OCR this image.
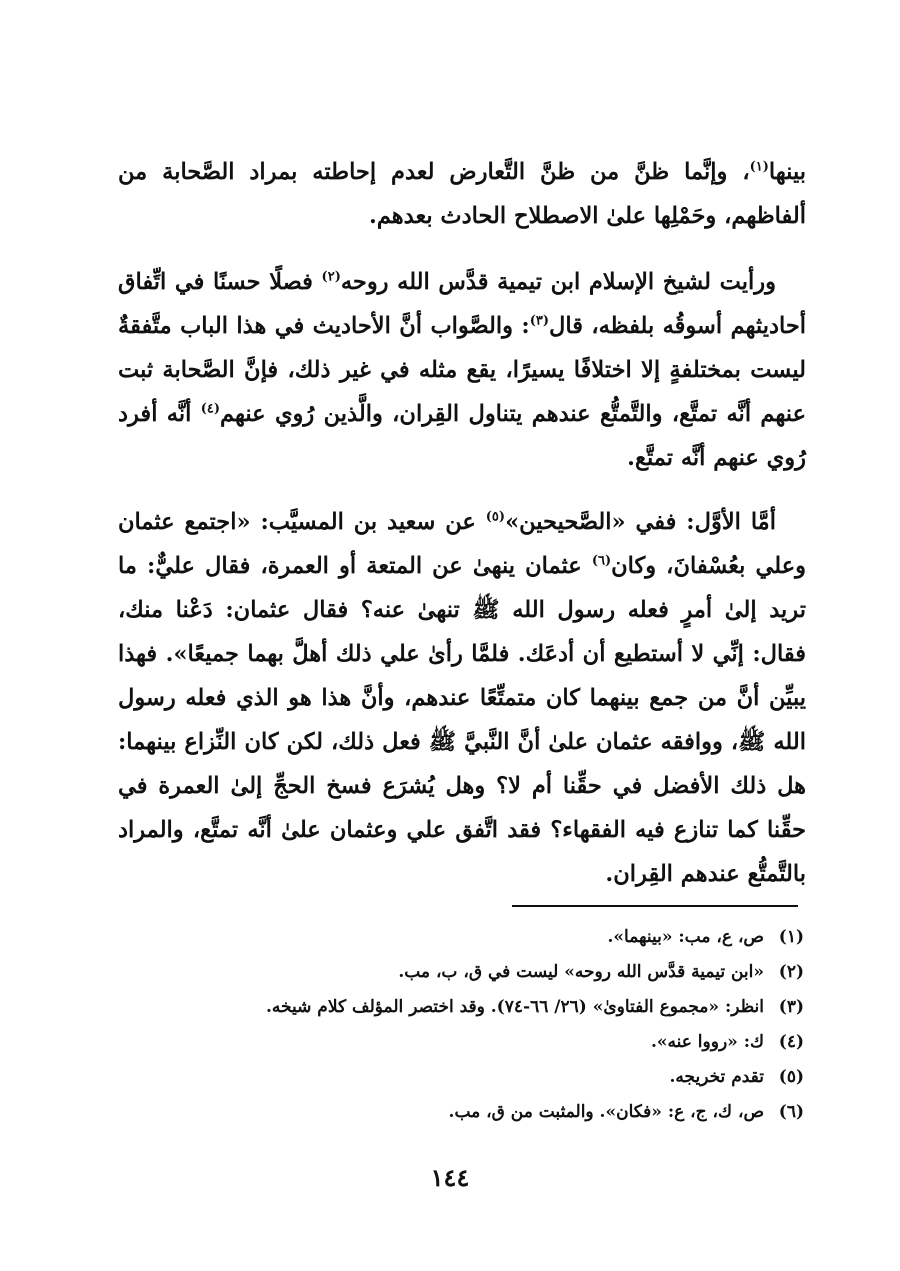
بينها$^{(١)}$، وإنَّما ظنَّ من ظنَّ التَّعارض لعدم إحاطته بمراد الصَّحابة من ألفاظهم، وحَمْلِها علىٰ الاصطلاح الحادث بعدهم.

ورأيت لشيخ الإسلام ابن تيمية قدَّس الله روحه$^{(٢)}$ فصلًا حسنًا في اتِّفاق أحاديثهم أسوقُه بلفظه، قال$^{(٣)}$: والصَّواب أنَّ الأحاديث في هذا الباب متَّفقةٌ ليست بمختلفةٍ إلا اختلافًا يسيرًا، يقع مثله في غير ذلك، فإنَّ الصَّحابة ثبت عنهم أنَّه تمتَّع، والتَّمتُّع عندهم يتناول القِران، والَّذين رُوي عنهم$^{(٤)}$ أنَّه أفرد رُوي عنهم أنَّه تمتَّع.

أمَّا الأوَّل: ففي «الصَّحيحين»$^{(٥)}$ عن سعيد بن المسيَّب: «اجتمع عثمان وعلي بعُسْفانَ، وكان$^{(٦)}$ عثمان ينهىٰ عن المتعة أو العمرة، فقال عليٌّ: ما تريد إلىٰ أمرٍ فعله رسول الله ﷺ تنهىٰ عنه؟ فقال عثمان: دَعْنا منك، فقال: إنِّي لا أستطيع أن أدعَك. فلمَّا رأىٰ علي ذلك أهلَّ بهما جميعًا». فهذا يبيِّن أنَّ من جمع بينهما كان متمتِّعًا عندهم، وأنَّ هذا هو الذي فعله رسول الله ﷺ، ووافقه عثمان علىٰ أنَّ النَّبيَّ ﷺ فعل ذلك، لكن كان النِّزاع بينهما: هل ذلك الأفضل في حقِّنا أم لا؟ وهل يُشرَع فسخ الحجِّ إلىٰ العمرة في حقِّنا كما تنازع فيه الفقهاء؟ فقد اتَّفق علي وعثمان علىٰ أنَّه تمتَّع، والمراد بالتَّمتُّع عندهم القِران.

(١)ص، ع، مب: «بينهما».
(٢)«ابن تيمية قدَّس الله روحه» ليست في ق، ب، مب.
(٣)انظر: «مجموع الفتاوىٰ» (٢٦/ ٦٦-٧٤). وقد اختصر المؤلف كلام شيخه.
(٤)ك: «رووا عنه».
(٥)تقدم تخريجه.
(٦)ص، ك، ج، ع: «فكان». والمثبت من ق، مب.
١٤٤
